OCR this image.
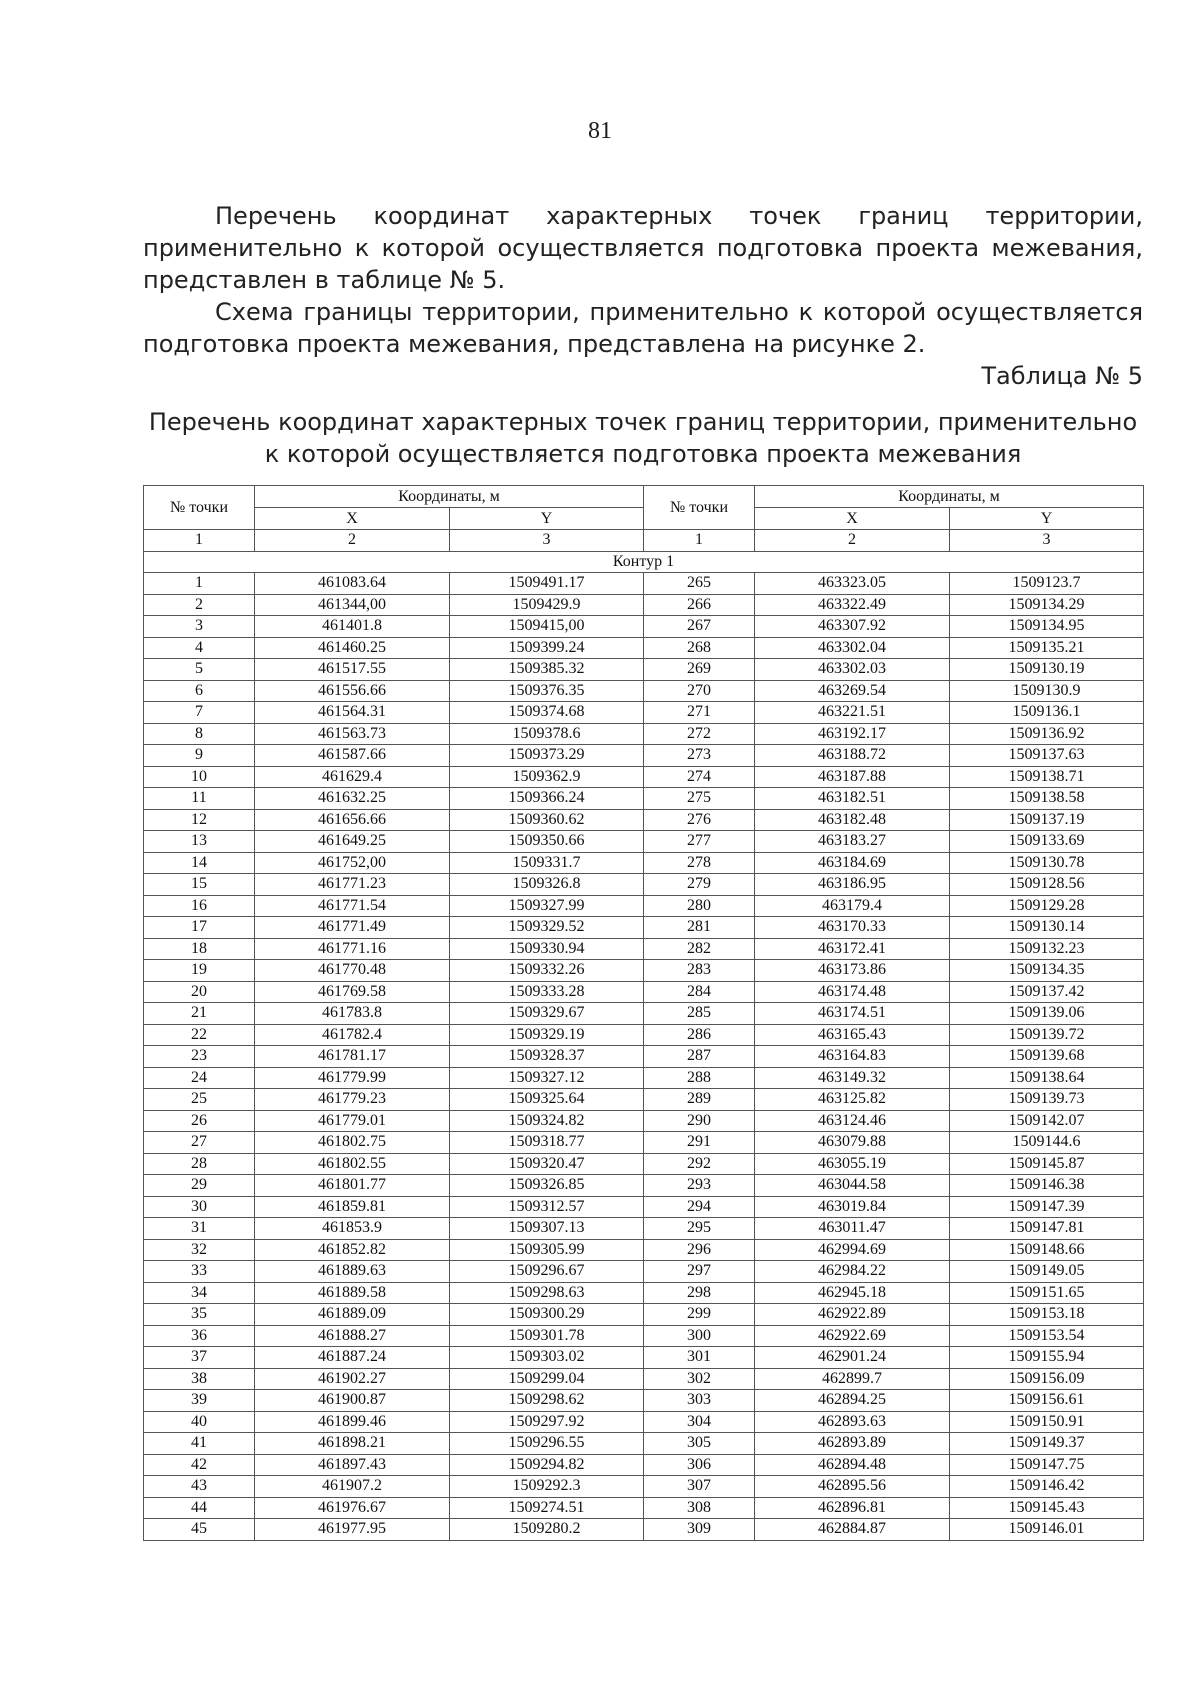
81

Перечень координат характерных точек границ территории, применительно к которой осуществляется подготовка проекта межевания, представлен в таблице № 5.

Схема границы территории, применительно к которой осуществляется подготовка проекта межевания, представлена на рисунке 2.

Таблица № 5
Перечень координат характерных точек границ территории, применительно
к которой осуществляется подготовка проекта межевания
№ точки	Координаты, м		№ точки	Координаты, м	
	X	Y		X	Y
1	2	3	1	2	3
Контур 1					
1	461083.64	1509491.17	265	463323.05	1509123.7
2	461344,00	1509429.9	266	463322.49	1509134.29
3	461401.8	1509415,00	267	463307.92	1509134.95
4	461460.25	1509399.24	268	463302.04	1509135.21
5	461517.55	1509385.32	269	463302.03	1509130.19
6	461556.66	1509376.35	270	463269.54	1509130.9
7	461564.31	1509374.68	271	463221.51	1509136.1
8	461563.73	1509378.6	272	463192.17	1509136.92
9	461587.66	1509373.29	273	463188.72	1509137.63
10	461629.4	1509362.9	274	463187.88	1509138.71
11	461632.25	1509366.24	275	463182.51	1509138.58
12	461656.66	1509360.62	276	463182.48	1509137.19
13	461649.25	1509350.66	277	463183.27	1509133.69
14	461752,00	1509331.7	278	463184.69	1509130.78
15	461771.23	1509326.8	279	463186.95	1509128.56
16	461771.54	1509327.99	280	463179.4	1509129.28
17	461771.49	1509329.52	281	463170.33	1509130.14
18	461771.16	1509330.94	282	463172.41	1509132.23
19	461770.48	1509332.26	283	463173.86	1509134.35
20	461769.58	1509333.28	284	463174.48	1509137.42
21	461783.8	1509329.67	285	463174.51	1509139.06
22	461782.4	1509329.19	286	463165.43	1509139.72
23	461781.17	1509328.37	287	463164.83	1509139.68
24	461779.99	1509327.12	288	463149.32	1509138.64
25	461779.23	1509325.64	289	463125.82	1509139.73
26	461779.01	1509324.82	290	463124.46	1509142.07
27	461802.75	1509318.77	291	463079.88	1509144.6
28	461802.55	1509320.47	292	463055.19	1509145.87
29	461801.77	1509326.85	293	463044.58	1509146.38
30	461859.81	1509312.57	294	463019.84	1509147.39
31	461853.9	1509307.13	295	463011.47	1509147.81
32	461852.82	1509305.99	296	462994.69	1509148.66
33	461889.63	1509296.67	297	462984.22	1509149.05
34	461889.58	1509298.63	298	462945.18	1509151.65
35	461889.09	1509300.29	299	462922.89	1509153.18
36	461888.27	1509301.78	300	462922.69	1509153.54
37	461887.24	1509303.02	301	462901.24	1509155.94
38	461902.27	1509299.04	302	462899.7	1509156.09
39	461900.87	1509298.62	303	462894.25	1509156.61
40	461899.46	1509297.92	304	462893.63	1509150.91
41	461898.21	1509296.55	305	462893.89	1509149.37
42	461897.43	1509294.82	306	462894.48	1509147.75
43	461907.2	1509292.3	307	462895.56	1509146.42
44	461976.67	1509274.51	308	462896.81	1509145.43
45	461977.95	1509280.2	309	462884.87	1509146.01
